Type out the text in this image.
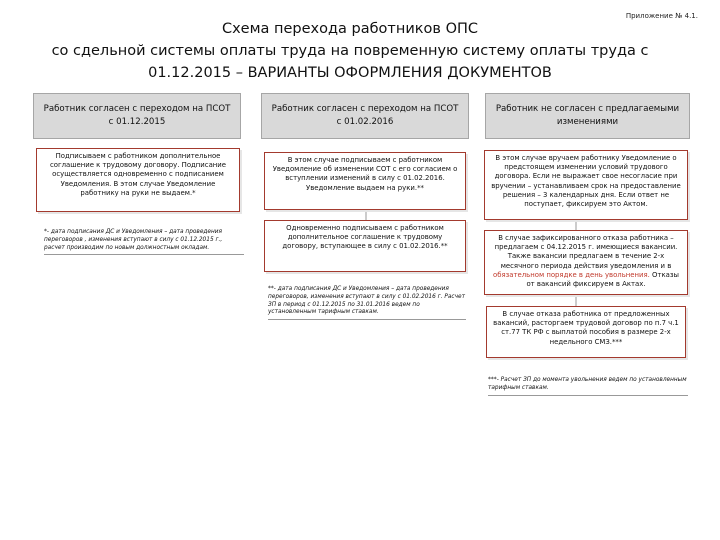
Приложение № 4.1.
Схема перехода работников ОПС
со сдельной системы оплаты труда на повременную систему оплаты труда с
01.12.2015 – ВАРИАНТЫ ОФОРМЛЕНИЯ ДОКУМЕНТОВ
Работник согласен с переходом на ПСОТ с 01.12.2015
Подписываем с работником дополнительное соглашение к трудовому договору. Подписание осуществляется одновременно с подписанием Уведомления. В этом случае Уведомление работнику на руки не выдаем.*
*- дата подписания ДС и Уведомления – дата проведения переговоров , изменения вступают в силу с 01.12.2015 г., расчет производим по новым должностным окладам.
Работник согласен с переходом на ПСОТ с 01.02.2016
В этом случае подписываем с работником Уведомление об изменении СОТ с его согласием о вступлении изменений в силу с 01.02.2016. Уведомление выдаем на руки.**
Одновременно подписываем с работником дополнительное соглашение к трудовому договору, вступающее в силу с 01.02.2016.**
**- дата подписания ДС и Уведомления – дата проведения переговоров, изменения вступают в силу с 01.02.2016 г. Расчет ЗП в период с 01.12.2015 по 31.01.2016 ведем по установленным тарифным ставкам.
Работник не согласен с предлагаемыми изменениями
В этом случае вручаем работнику Уведомление о предстоящем изменении условий трудового договора. Если не выражает свое несогласие при вручении – устанавливаем срок на предоставление решения – 3 календарных дня. Если ответ не поступает, фиксируем это Актом.
В случае зафиксированного отказа работника – предлагаем с 04.12.2015 г. имеющиеся вакансии. Также вакансии предлагаем в течение 2-х месячного периода действия уведомления и в обязательном порядке в день увольнения. Отказы от вакансий фиксируем в Актах.
В случае отказа работника от предложенных вакансий, расторгаем трудовой договор по п.7 ч.1 ст.77 ТК РФ с выплатой пособия в размере 2-х недельного СМЗ.***
***- Расчет ЗП до момента увольнения ведем по установленным тарифным ставкам.
